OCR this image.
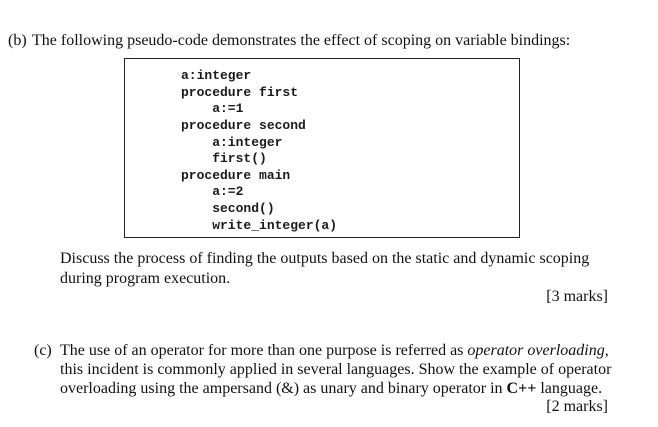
(b) The following pseudo-code demonstrates the effect of scoping on variable bindings:
a:integer
procedure first
a:=1
procedure second
a:integer
first()
procedure main
a:=2
second()
write_integer(a)
Discuss the process of finding the outputs based on the static and dynamic scoping
during program execution.
[3 marks]
(c) The use of an operator for more than one purpose is referred as operator overloading,
this incident is commonly applied in several languages. Show the example of operator
overloading using the ampersand (&) as unary and binary operator in C++ language.
[2 marks]
